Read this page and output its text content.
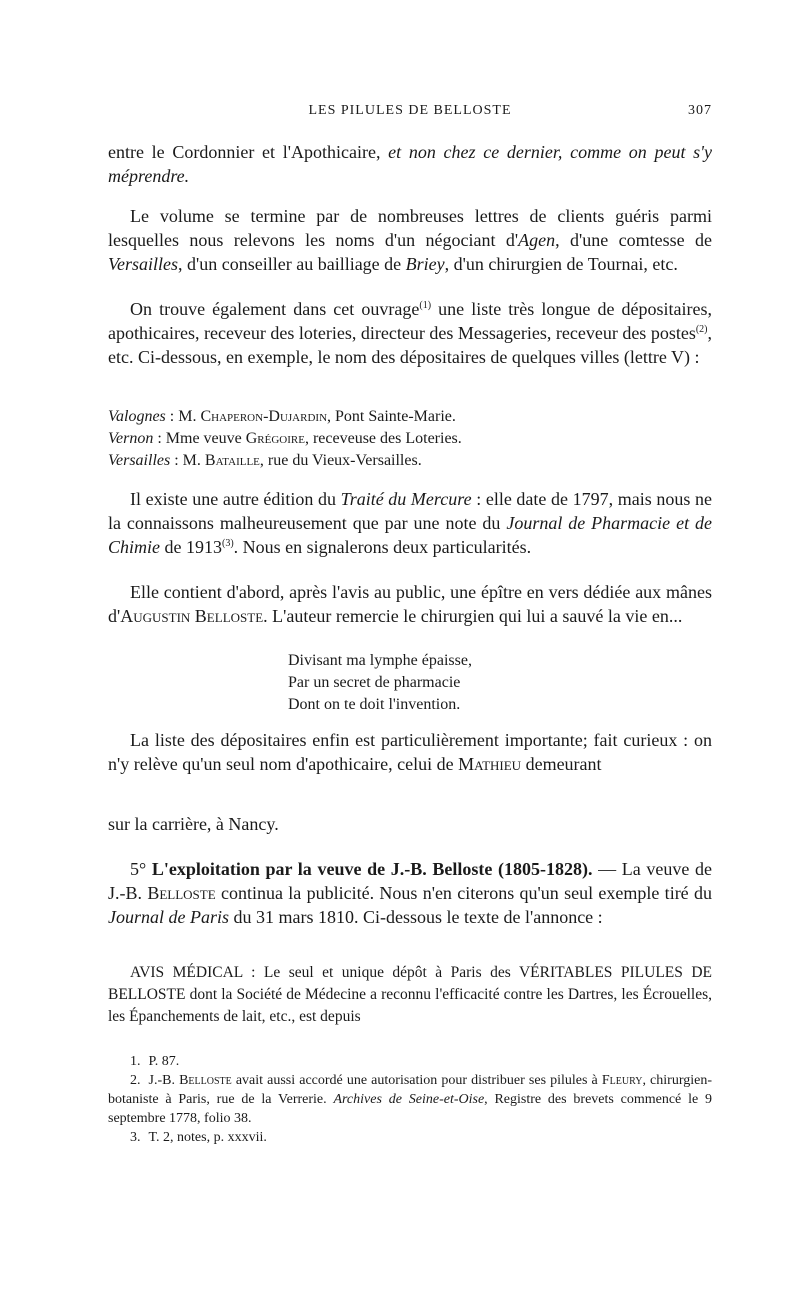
LES PILULES DE BELLOSTE	307
entre le Cordonnier et l'Apothicaire, et non chez ce dernier, comme on peut s'y méprendre.
Le volume se termine par de nombreuses lettres de clients guéris parmi lesquelles nous relevons les noms d'un négociant d'Agen, d'une comtesse de Versailles, d'un conseiller au bailliage de Briey, d'un chirurgien de Tournai, etc.
On trouve également dans cet ouvrage$^{(1)}$ une liste très longue de dépositaires, apothicaires, receveur des loteries, directeur des Messageries, receveur des postes$^{(2)}$, etc. Ci-dessous, en exemple, le nom des dépositaires de quelques villes (lettre V) :
Valognes : M. Chaperon-Dujardin, Pont Sainte-Marie.
Vernon : Mme veuve Grégoire, receveuse des Loteries.
Versailles : M. Bataille, rue du Vieux-Versailles.
Il existe une autre édition du Traité du Mercure : elle date de 1797, mais nous ne la connaissons malheureusement que par une note du Journal de Pharmacie et de Chimie de 1913$^{(3)}$. Nous en signalerons deux particularités.
Elle contient d'abord, après l'avis au public, une épître en vers dédiée aux mânes d'Augustin Belloste. L'auteur remercie le chirurgien qui lui a sauvé la vie en...
Divisant ma lymphe épaisse,
Par un secret de pharmacie
Dont on te doit l'invention.
La liste des dépositaires enfin est particulièrement importante; fait curieux : on n'y relève qu'un seul nom d'apothicaire, celui de Mathieu demeurant
sur la carrière, à Nancy.
5° L'exploitation par la veuve de J.-B. Belloste (1805-1828). — La veuve de J.-B. Belloste continua la publicité. Nous n'en citerons qu'un seul exemple tiré du Journal de Paris du 31 mars 1810. Ci-dessous le texte de l'annonce :
AVIS MÉDICAL : Le seul et unique dépôt à Paris des VÉRITABLES PILULES DE BELLOSTE dont la Société de Médecine a reconnu l'efficacité contre les Dartres, les Écrouelles, les Épanchements de lait, etc., est depuis
1. P. 87.
2. J.-B. Belloste avait aussi accordé une autorisation pour distribuer ses pilules à Fleury, chirurgien-botaniste à Paris, rue de la Verrerie. Archives de Seine-et-Oise, Registre des brevets commencé le 9 septembre 1778, folio 38.
3. T. 2, notes, p. xxxvii.
